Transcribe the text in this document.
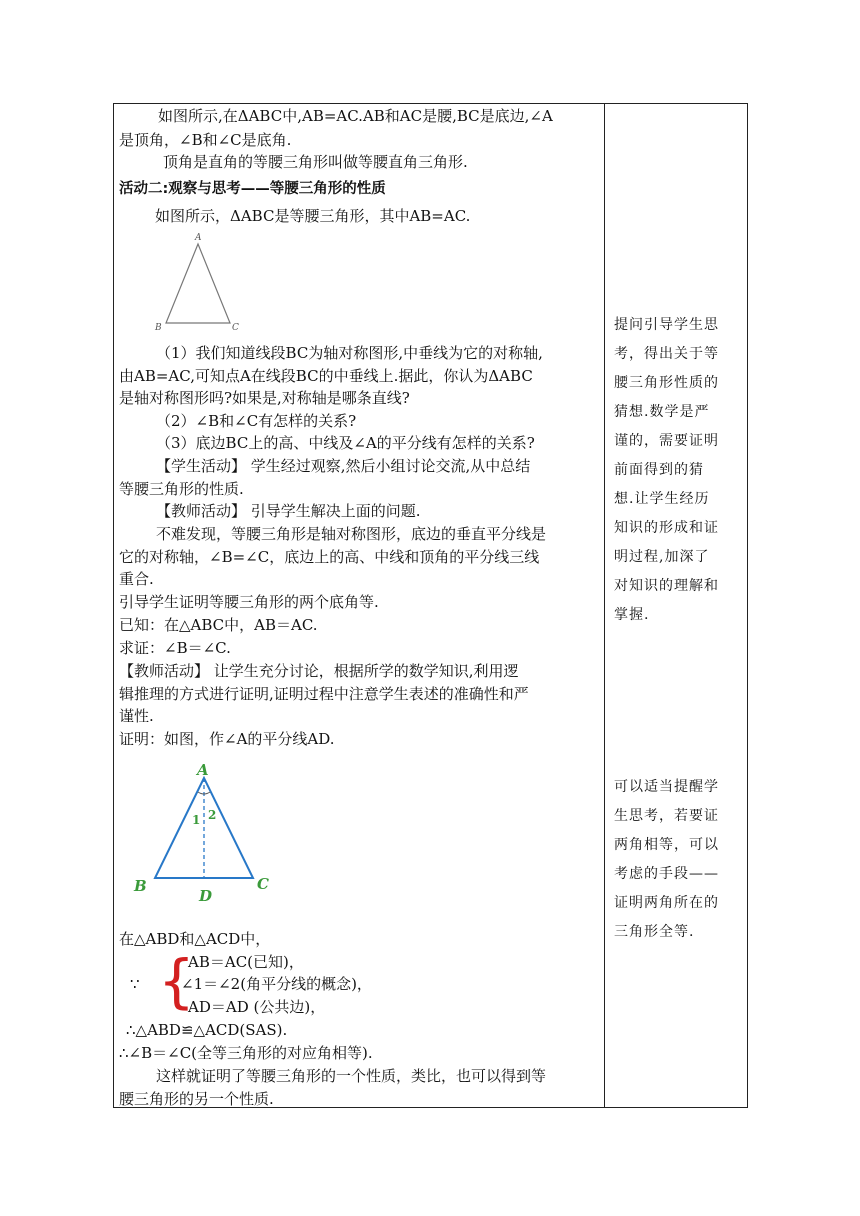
如图所示,在ΔABC中,AB=AC.AB和AC是腰,BC是底边,∠A
是顶角，∠B和∠C是底角.
顶角是直角的等腰三角形叫做等腰直角三角形.
活动二:观察与思考——等腰三角形的性质
如图所示，ΔABC是等腰三角形，其中AB=AC.
A
B	C
（1）我们知道线段BC为轴对称图形,中垂线为它的对称轴,
由AB=AC,可知点A在线段BC的中垂线上.据此，你认为ΔABC
是轴对称图形吗?如果是,对称轴是哪条直线?
（2）∠B和∠C有怎样的关系?
（3）底边BC上的高、中线及∠A的平分线有怎样的关系?
【学生活动】 学生经过观察,然后小组讨论交流,从中总结
等腰三角形的性质.
【教师活动】 引导学生解决上面的问题.
不难发现，等腰三角形是轴对称图形，底边的垂直平分线是
它的对称轴，∠B=∠C，底边上的高、中线和顶角的平分线三线
重合.
引导学生证明等腰三角形的两个底角等.
已知：在△ABC中，AB＝AC.
求证：∠B＝∠C.
【教师活动】 让学生充分讨论，根据所学的数学知识,利用逻
辑推理的方式进行证明,证明过程中注意学生表述的准确性和严
谨性.
证明：如图，作∠A的平分线AD.
A
B	C
D
1 2
在△ABD和△ACD中，
∵ {
AB＝AC(已知)，
∠1＝∠2(角平分线的概念)，
AD＝AD (公共边)，
∴△ABD≌△ACD(SAS).
∴∠B＝∠C(全等三角形的对应角相等).
这样就证明了等腰三角形的一个性质，类比，也可以得到等
腰三角形的另一个性质.
提问引导学生思
考，得出关于等
腰三角形性质的
猜想.数学是严
谨的，需要证明
前面得到的猜
想.让学生经历
知识的形成和证
明过程,加深了
对知识的理解和
掌握.
可以适当提醒学
生思考，若要证
两角相等，可以
考虑的手段——
证明两角所在的
三角形全等.
